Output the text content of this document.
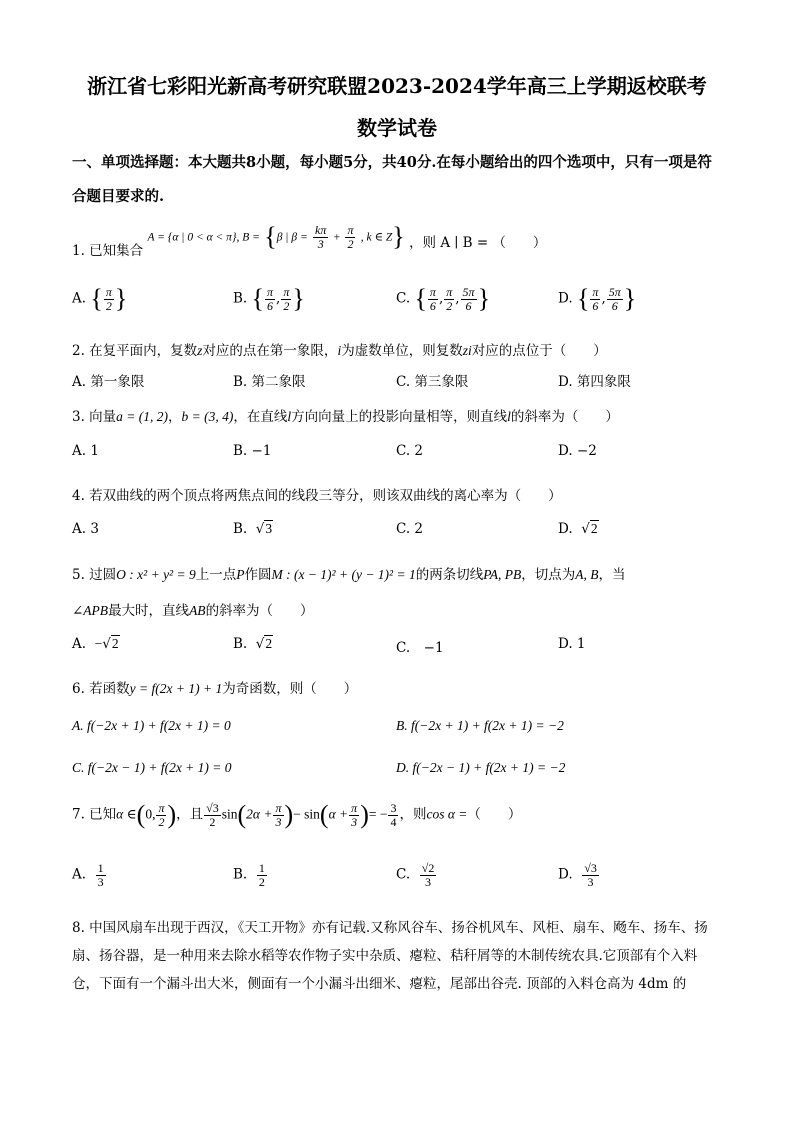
浙江省七彩阳光新高考研究联盟2023-2024学年高三上学期返校联考
数学试卷
一、单项选择题：本大题共8小题，每小题5分，共40分.在每小题给出的四个选项中，只有一项是符合题目要求的.
1. 已知集合 A = {α | 0 < α < π}, B = {β | $\beta = \frac{k\pi}{3} + \frac{\pi}{2}$ , k ∈ Z} ，则 A ∣ B = （　　）
A. { $\frac{\pi}{2}$ }	B. { $\frac{\pi}{6}$ , $\frac{\pi}{2}$ }	C. { $\frac{\pi}{6}$ , $\frac{\pi}{2}$ , $\frac{5\pi}{6}$ }	D. { $\frac{\pi}{6}$ , $\frac{5\pi}{6}$ }
2. 在复平面内，复数z对应的点在第一象限，i为虚数单位，则复数zi对应的点位于（　　）
A. 第一象限	B. 第二象限	C. 第三象限	D. 第四象限
3. 向量a = (1, 2)，b = (3, 4)，在直线l方向向量上的投影向量相等，则直线l的斜率为（　　）
A. 1	B. −1	C. 2	D. −2
4. 若双曲线的两个顶点将两焦点间的线段三等分，则该双曲线的离心率为（　　）
A. 3	B.  √3	C. 2	D.  √2
5. 过圆O : x² + y² = 9上一点P作圆M : (x − 1)² + (y − 1)² = 1的两条切线PA, PB，切点为A, B，当
∠APB最大时，直线AB的斜率为（　　）
A. −√2	B.  √2	C.　−1	D. 1
6. 若函数y = f(2x + 1) + 1为奇函数，则（　　）
A. f(−2x + 1) + f(2x + 1) = 0	B. f(−2x + 1) + f(2x + 1) = −2
C. f(−2x − 1) + f(2x + 1) = 0	D. f(−2x − 1) + f(2x + 1) = −2
7. 已知α ∈(0, $\frac{\pi}{2}$ )，且 $\frac{√3}{2} \sin(2\alpha + \frac{\pi}{3}$ )− $\sin(\alpha + \frac{\pi}{3}$ )= − $\frac{3}{4}$ ，则cos α =（　　）
A. $\frac{1}{3}$	B. $\frac{1}{2}$	C. $\frac{√2}{3}$	D. $\frac{√3}{3}$
8. 中国风扇车出现于西汉，《天工开物》亦有记载.又称风谷车、扬谷机风车、风柜、扇车、飏车、扬车、扬扇、扬谷器，是一种用来去除水稻等农作物子实中杂质、瘪粒、秸秆屑等的木制传统农具.它顶部有个入料仓，下面有一个漏斗出大米，侧面有一个小漏斗出细米、瘪粒，尾部出谷壳. 顶部的入料仓高为 4dm 的
